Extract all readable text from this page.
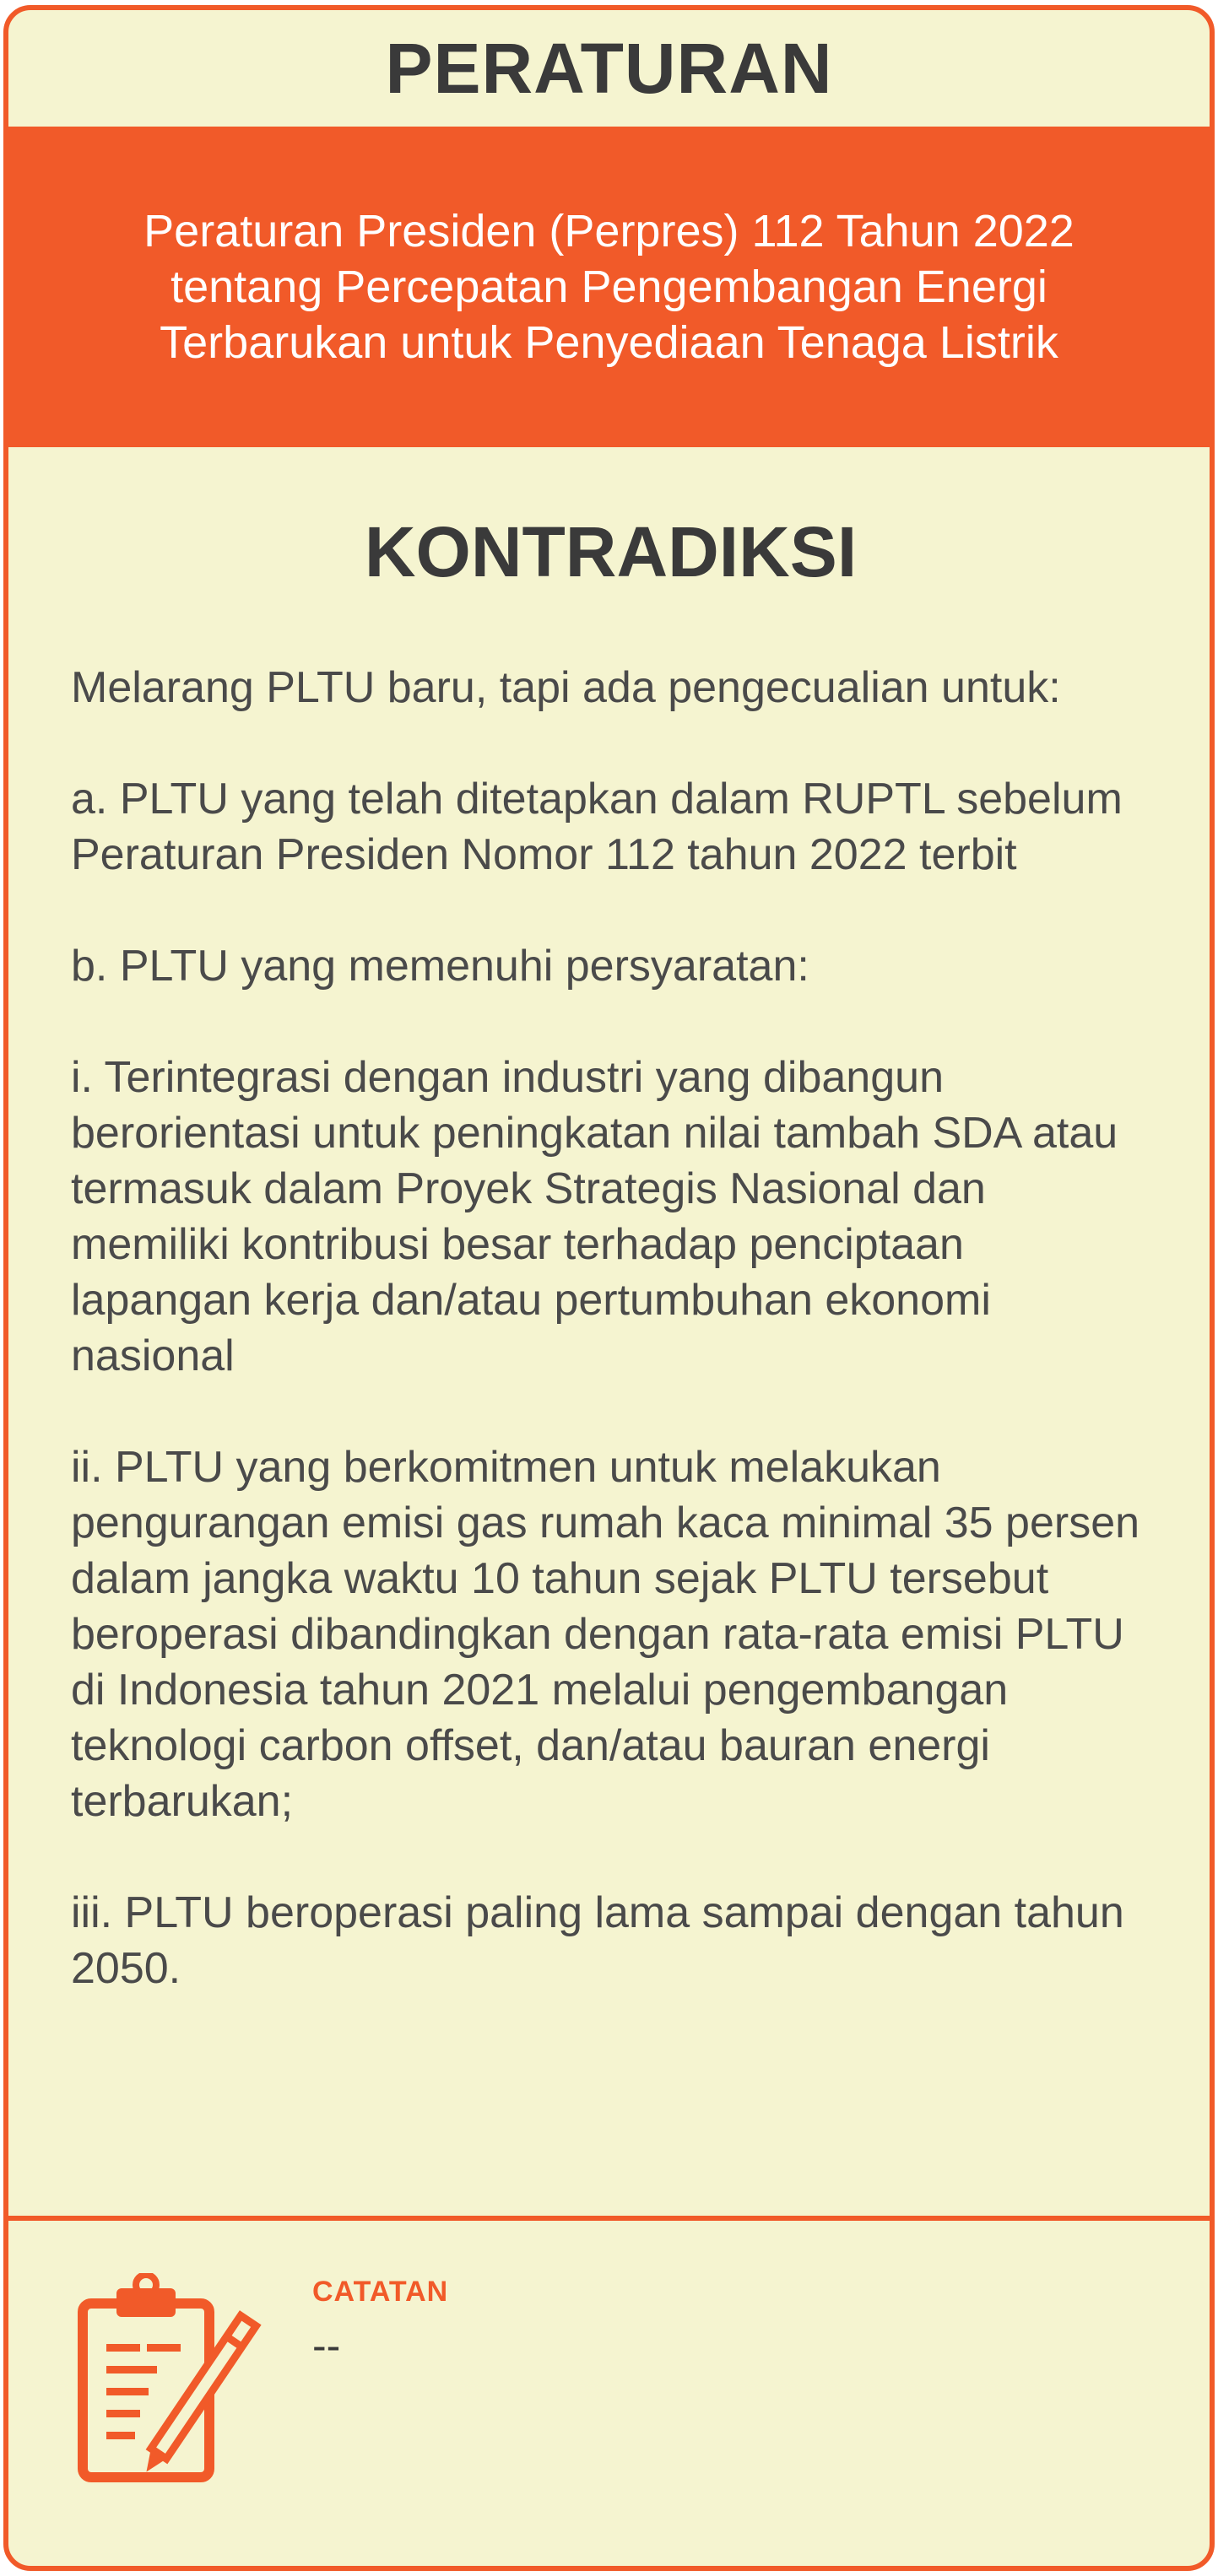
PERATURAN

Peraturan Presiden (Perpres) 112 Tahun 2022 tentang Percepatan Pengembangan Energi Terbarukan untuk Penyediaan Tenaga Listrik

KONTRADIKSI

Melarang PLTU baru, tapi ada pengecualian untuk:

a. PLTU yang telah ditetapkan dalam RUPTL sebelum Peraturan Presiden Nomor 112 tahun 2022 terbit

b. PLTU yang memenuhi persyaratan:

i. Terintegrasi dengan industri yang dibangun berorientasi untuk peningkatan nilai tambah SDA atau termasuk dalam Proyek Strategis Nasional dan memiliki kontribusi besar terhadap penciptaan lapangan kerja dan/atau pertumbuhan ekonomi nasional

ii. PLTU yang berkomitmen untuk melakukan pengurangan emisi gas rumah kaca minimal 35 persen dalam jangka waktu 10 tahun sejak PLTU tersebut beroperasi dibandingkan dengan rata-rata emisi PLTU di Indonesia tahun 2021 melalui pengembangan teknologi carbon offset, dan/atau bauran energi terbarukan;

iii. PLTU beroperasi paling lama sampai dengan tahun 2050.

CATATAN
--
